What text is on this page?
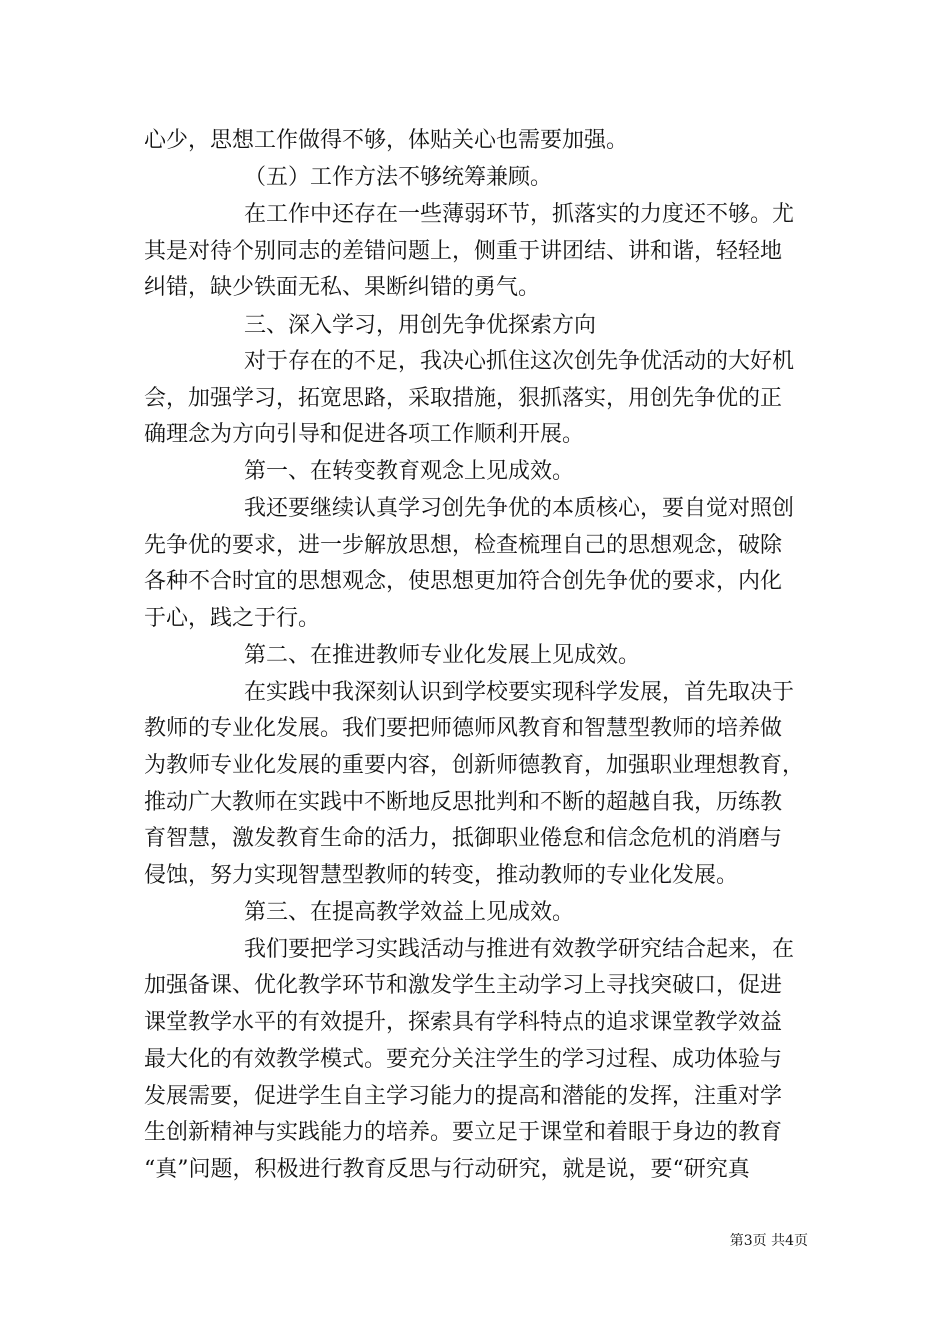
心少，思想工作做得不够，体贴关心也需要加强。
（五）工作方法不够统筹兼顾。
在工作中还存在一些薄弱环节，抓落实的力度还不够。尤
其是对待个别同志的差错问题上，侧重于讲团结、讲和谐，轻轻地
纠错，缺少铁面无私、果断纠错的勇气。
三、深入学习，用创先争优探索方向
对于存在的不足，我决心抓住这次创先争优活动的大好机
会，加强学习，拓宽思路，采取措施，狠抓落实，用创先争优的正
确理念为方向引导和促进各项工作顺利开展。
第一、在转变教育观念上见成效。
我还要继续认真学习创先争优的本质核心，要自觉对照创
先争优的要求，进一步解放思想，检查梳理自己的思想观念，破除
各种不合时宜的思想观念，使思想更加符合创先争优的要求，内化
于心，践之于行。
第二、在推进教师专业化发展上见成效。
在实践中我深刻认识到学校要实现科学发展，首先取决于
教师的专业化发展。我们要把师德师风教育和智慧型教师的培养做
为教师专业化发展的重要内容，创新师德教育，加强职业理想教育，
推动广大教师在实践中不断地反思批判和不断的超越自我，历练教
育智慧，激发教育生命的活力，抵御职业倦怠和信念危机的消磨与
侵蚀，努力实现智慧型教师的转变，推动教师的专业化发展。
第三、在提高教学效益上见成效。
我们要把学习实践活动与推进有效教学研究结合起来，在
加强备课、优化教学环节和激发学生主动学习上寻找突破口，促进
课堂教学水平的有效提升，探索具有学科特点的追求课堂教学效益
最大化的有效教学模式。要充分关注学生的学习过程、成功体验与
发展需要，促进学生自主学习能力的提高和潜能的发挥，注重对学
生创新精神与实践能力的培养。要立足于课堂和着眼于身边的教育
“真”问题，积极进行教育反思与行动研究，就是说，要“研究真
第3页 共4页
